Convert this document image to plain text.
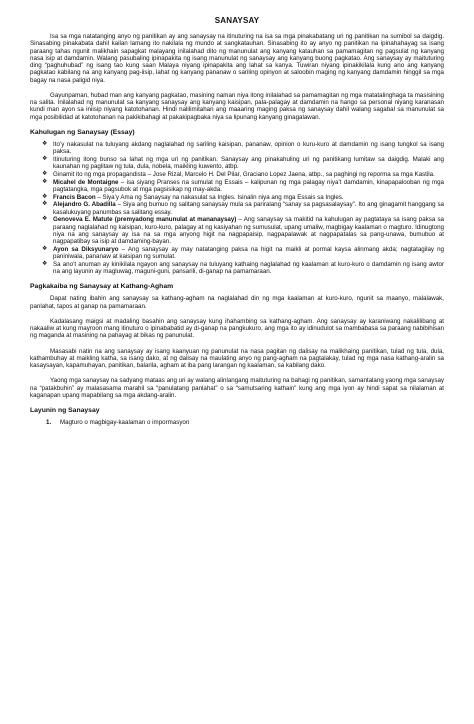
SANAYSAY

Isa sa mga natatanging anyo ng panitikan ay ang sanaysay na itinuturing na isa sa mga pinakabatang uri ng panitikan na sumibol sa daigdig. Sinasabing pinakabata dahil kailan lamang ito nakilala ng mundo at sangkatauhan. Sinasabing ito ay anyo ng panitikan na ipinahahayag sa isang paraang tahas ngunit malikhain sapagkat malayang inilalahad dito ng manunulat ang kanyang katauhan sa pamamagitan ng pagsulat ng kanyang nasa isip at damdamin. Walang pasubaling ipinapakita ng isang manunulat ng sanaysay ang kanyang buong pagkatao. Ang sanaysay ay maituturing ding “paghuhubad” ng isang tao kung saan Malaya niyang ipinapakita ang lahat sa kanya. Tuwiran niyang ipinakikilala kung ano ang kanyang pagkatao kabilang na ang kanyang pag-iisip, lahat ng kanyang pananaw o sariling opinyon at saloobin maging ng kanyang damdamin hinggil sa mga bagay na nasa paligid niya.

Gayunpaman, hubad man ang kanyang pagkatao, masining naman niya itong inilalahad sa pamamagitan ng mga matatalinghaga ta masisining na salita. Inilalahad ng manunulat sa kanyang sanaysay ang kanyang kaisipan, pala-palagay at damdamin na hango sa personal niyang karanasan kundi man ayon sa iniisip niyang katotohanan. Hindi nalilimitahan ang maaaring maging paksa ng sanaysay dahil walang sagabal sa manunulat sa mga posibilidad at katotohanan na pakikibahagi at pakakipagbaka niya sa lipunang kanyang ginagalawan.

Kahulugan ng Sanaysay (Essay)
❖ Ito’y nakasulat na tuluyang akdang naglalahad ng sariling kaisipan, pananaw, opinion o kuru-kuro at damdamin ng isang tungkol sa isang paksa.
❖ Itinuturing itong bunso sa lahat ng mga uri ng panitikan. Sanaysay ang pinakahuling uri ng panitikang lumitaw sa daigdig. Malaki ang kaunahan ng paglitaw ng tula, dula, nobela, maikling kuwento, atbp.
❖ Ginamit ito ng mga propagandista – Jose Rizal, Marcelo H. Del Pilar, Graciano Lopez Jaena, atbp., sa paghingi ng reporma sa mga Kastila.
❖ Micahel de Montaigne – isa siyang Pranses na sumulat ng Essais – kalipunan ng mga palagay niya’t damdamin, kinapapalooban ng mga pagtatangka, mga pagsubok at mga pagsisikap ng may-akda.
❖ Francis Bacon – Siya’y Ama ng Sanaysay na nakasulat sa Ingles. Isinalin niya ang mga Essais sa Ingles.
❖ Alejandro G. Abadilla – Siya ang bumuo ng salitang sanaysay mula sa pariralang “sanay sa pagsasalaysay”. Ito ang ginagamit hanggang sa kasalukuyang panumbas sa salitang essay.
❖ Genoveva E. Matute (premyadong manunulat at mananaysay) – Ang sanaysay sa makitid na kahulugan ay pagtataya sa isang paksa sa paraang naglalahad ng kaisipan, kuro-kuro, palagay at ng kasiyahan ng sumusulat, upang umaliw, magbigay kaalaman o magturo. Idinugtong niya na ang sanaysay ay isa na sa mga anyong higit na nagpapaisip, nagpapalawak at nagpapatalas sa pang-unawa, bumubuo at nagpapatibay sa isip at damdaming-bayan.
❖ Ayon sa Diksyunaryo – Ang sanaysay ay may natatanging paksa na higit na maikli at pormal kaysa alinmang akda; nagtatagilay ng paniniwala, pananaw at kaisipan ng sumulat.
❖ Sa ano’t anuman ay kinikilala ngayon ang sanaysay na tuluyang kathaing naglalahad ng kaalaman at kuro-kuro o damdamin ng isang awtor na ang layunin ay magluwag, maguni-guni, pansarili, di-ganap na pamamaraan.
Pagkakaiba ng Sanaysay at Kathang-Agham

Dapat nating ibahin ang sanaysay sa kathang-agham na naglalahad din ng mga kaalaman at kuro-kuro, ngunit sa maanyo, malalawak, panlahat, tapos at ganap na pamamaraan.

Kadalasang maigsi at madaling basahin ang sanaysay kung ihahambing sa kathang-agham. Ang sanaysay ay karaniwang nakalilibang at nakaaliw at kung mayroon mang itinuturo o ipinababatid ay di-ganap na pangkukuro, ang mga ito ay idinudulot sa mambabasa sa paraang nabibihisan ng maganda at masining na pahayag at bikas ng panunulat.

Masasabi natin na ang sanaysay ay isang kaanyuan ng panunulat na nasa pagitan ng dalisay na malikhaing panitikan, tulad ng tula, dula, kathambuhay at maikling katha, sa isang dako, at ng dalisay na maulating anyo ng pang-agham na pagtalakay, tulad ng mga nasa kathang-aralin sa kasaysayan, kapamuhayan, panitikan, balarila, agham at iba pang larangan ng kaalaman, sa kabilang dako.

Yaong mga sanaysay na sadyang mataas ang uri ay walang alinlangang maituturing na bahagi ng panitikan, samantalang yaong mga sanaysay na “patakbuhin” ay malasasama marahil sa “panulatang panlahat” o sa “samutsaring kathain” kung ang mga iyon ay hindi sapat sa nilalaman at kaganapan upang mapabilang sa mga akdang-aralin.

Layunin ng Sanaysay
1. Magturo o magbigay-kaalaman o impormasyon
